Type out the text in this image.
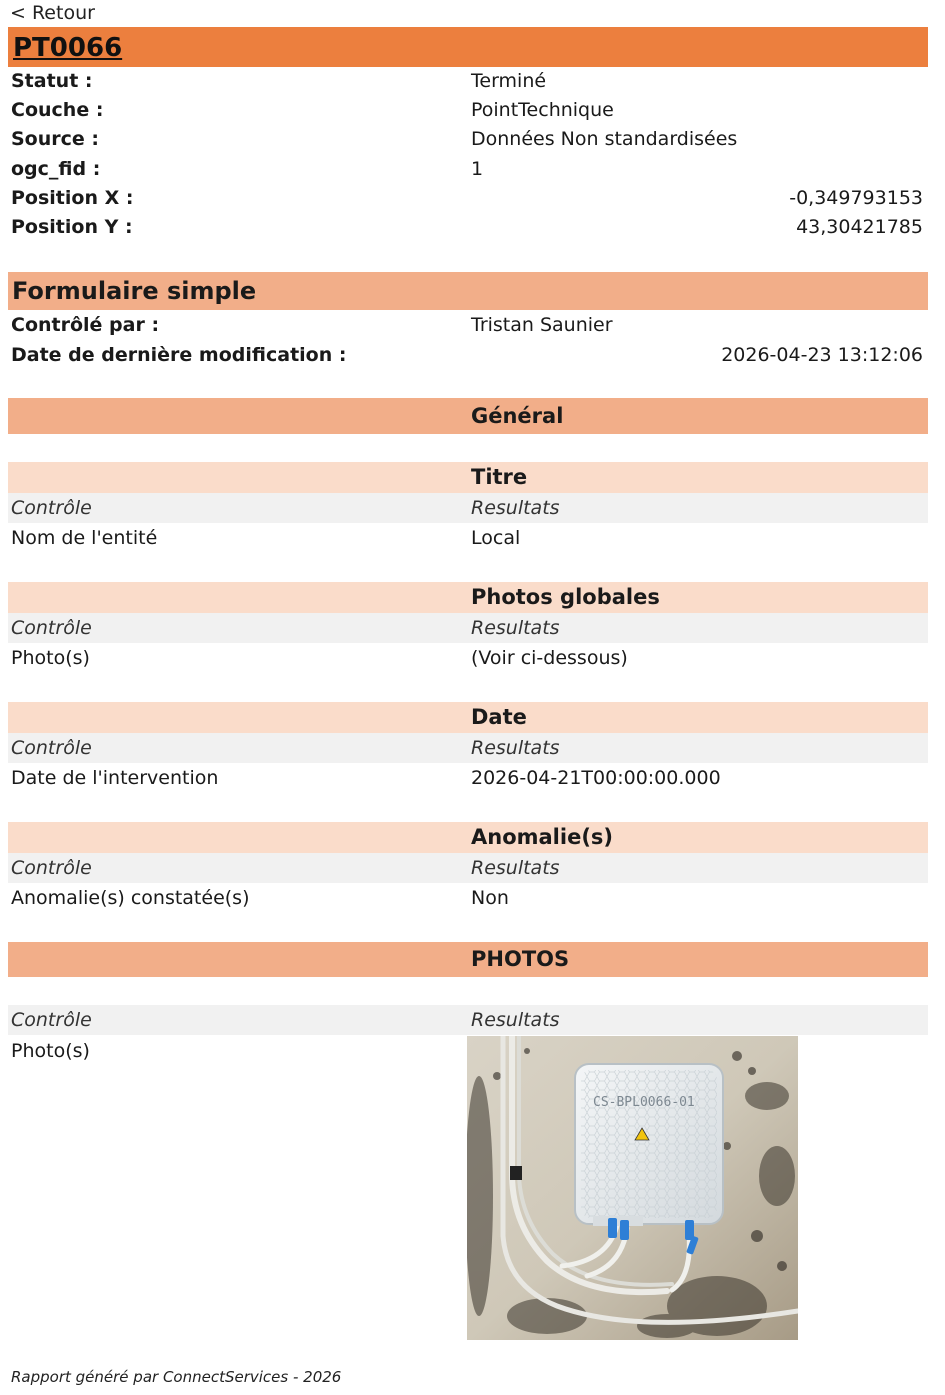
< Retour
PT0066
Statut :	Terminé
Couche :	PointTechnique
Source :	Données Non standardisées
ogc_fid :	1
Position X :	-0,349793153
Position Y :	43,30421785
Formulaire simple
Contrôlé par :	Tristan Saunier
Date de dernière modification :	2026-04-23 13:12:06
Général
Titre
Contrôle	Resultats
Nom de l'entité	Local
Photos globales
Contrôle	Resultats
Photo(s)	(Voir ci-dessous)
Date
Contrôle	Resultats
Date de l'intervention	2026-04-21T00:00:00.000
Anomalie(s)
Contrôle	Resultats
Anomalie(s) constatée(s)	Non
PHOTOS
Contrôle	Resultats
Photo(s)
CS-BPL0066-01
Rapport généré par ConnectServices - 2026
